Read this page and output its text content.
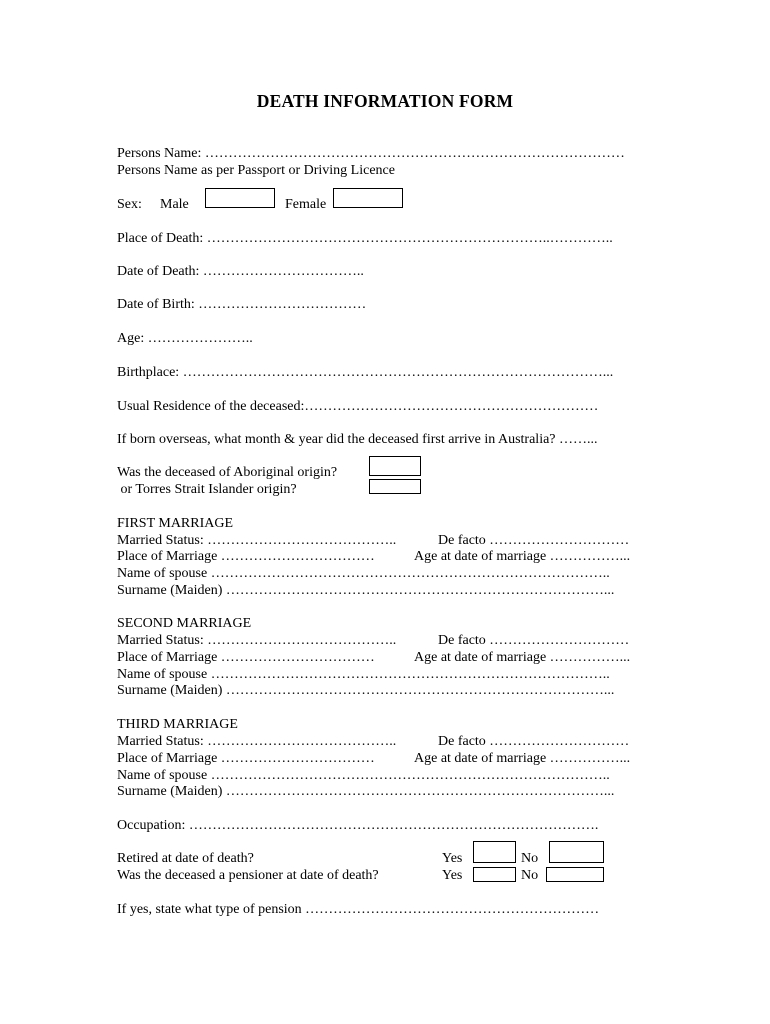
DEATH INFORMATION FORM
Persons Name: ………………………………………………………………………………
Persons Name as per Passport or Driving Licence
Sex: Male	Female
Place of Death: ………………………………………………………………..…………..
Date of Death: ……………………………..
Date of Birth: ………………………………
Age: …………………..
Birthplace: ………………………………………………………………………………...
Usual Residence of the deceased:………………………………………………………
If born overseas, what month & year did the deceased first arrive in Australia? ……...
Was the deceased of Aboriginal origin?
or Torres Strait Islander origin?
FIRST MARRIAGE
Married Status: …………………………………..	De facto …………………………
Place of Marriage ……………………………	Age at date of marriage ……………...
Name of spouse …………………………………………………………………………..
Surname (Maiden) ………………………………………………………………………...
SECOND MARRIAGE
Married Status: …………………………………..	De facto …………………………
Place of Marriage ……………………………	Age at date of marriage ……………...
Name of spouse …………………………………………………………………………..
Surname (Maiden) ………………………………………………………………………...
THIRD MARRIAGE
Married Status: …………………………………..	De facto …………………………
Place of Marriage ……………………………	Age at date of marriage ……………...
Name of spouse …………………………………………………………………………..
Surname (Maiden) ………………………………………………………………………...
Occupation: …………………………………………………………………………….
Retired at date of death?	Yes	No
Was the deceased a pensioner at date of death?	Yes	No
If yes, state what type of pension ………………………………………………………
